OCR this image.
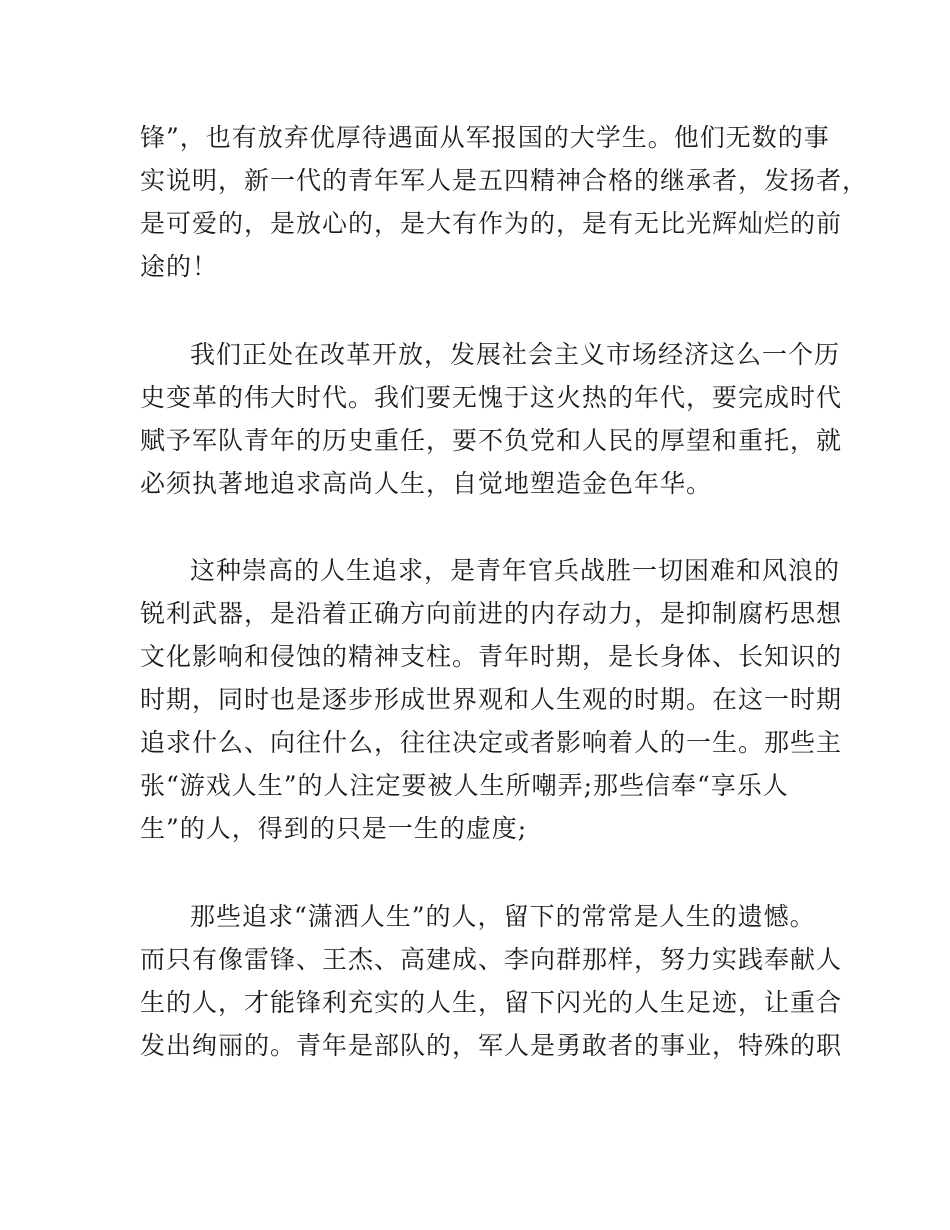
锋”，也有放弃优厚待遇面从军报国的大学生。他们无数的事
实说明，新一代的青年军人是五四精神合格的继承者，发扬者，
是可爱的，是放心的，是大有作为的，是有无比光辉灿烂的前
途的！
我们正处在改革开放，发展社会主义市场经济这么一个历
史变革的伟大时代。我们要无愧于这火热的年代，要完成时代
赋予军队青年的历史重任，要不负党和人民的厚望和重托，就
必须执著地追求高尚人生，自觉地塑造金色年华。
这种崇高的人生追求，是青年官兵战胜一切困难和风浪的
锐利武器，是沿着正确方向前进的内存动力，是抑制腐朽思想
文化影响和侵蚀的精神支柱。青年时期，是长身体、长知识的
时期，同时也是逐步形成世界观和人生观的时期。在这一时期
追求什么、向往什么，往往决定或者影响着人的一生。那些主
张“游戏人生”的人注定要被人生所嘲弄;那些信奉“享乐人
生”的人，得到的只是一生的虚度;
那些追求“潇洒人生”的人，留下的常常是人生的遗憾。
而只有像雷锋、王杰、高建成、李向群那样，努力实践奉献人
生的人，才能锋利充实的人生，留下闪光的人生足迹，让重合
发出绚丽的。青年是部队的，军人是勇敢者的事业，特殊的职
